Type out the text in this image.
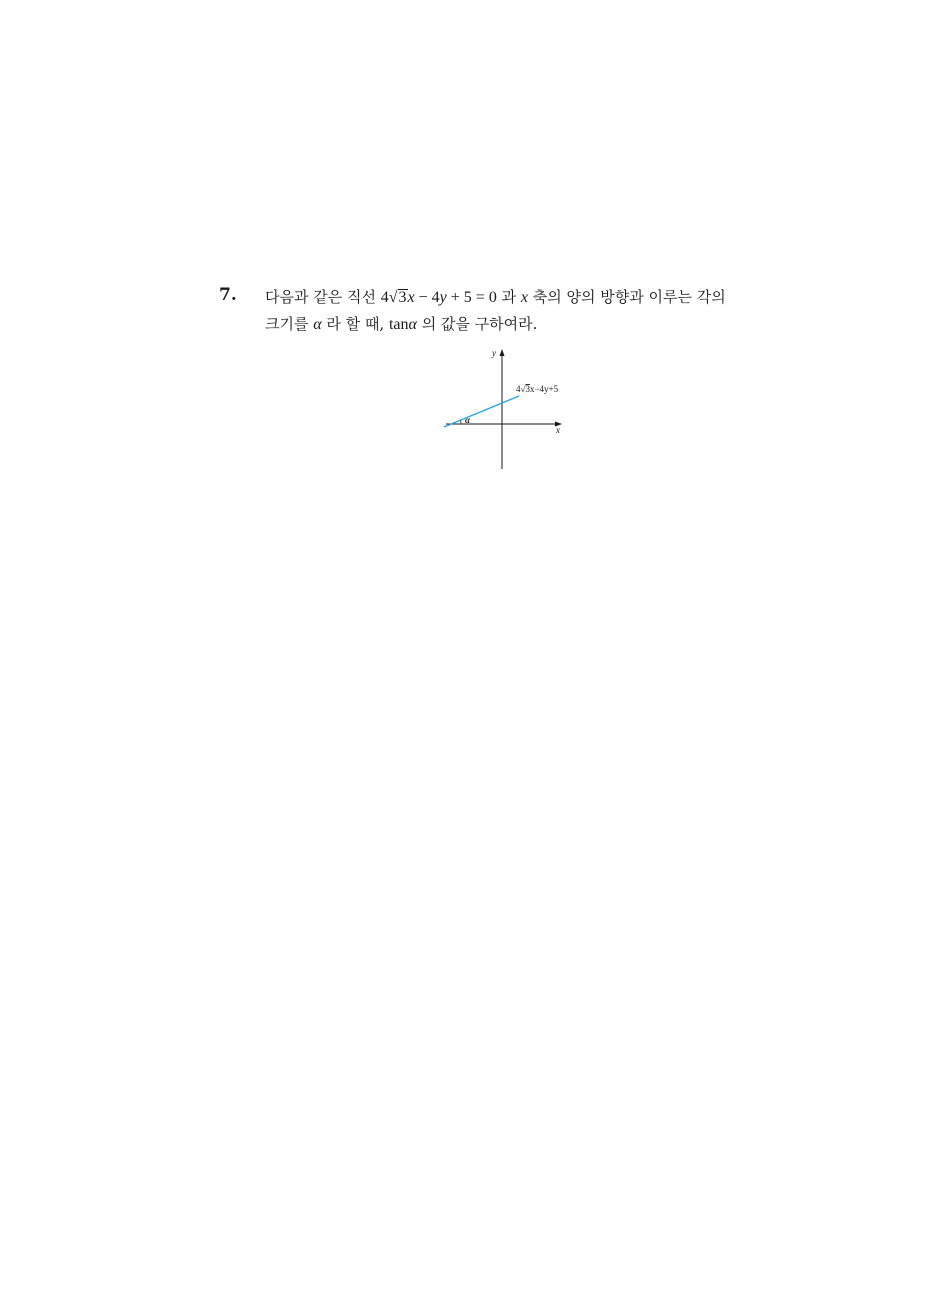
7. 다음과 같은 직선 4√3x − 4y + 5 = 0 과 x 축의 양의 방향과 이루는 각의
크기를 α 라 할 때, tanα 의 값을 구하여라.
y
x
α
4√3x−4y+5
